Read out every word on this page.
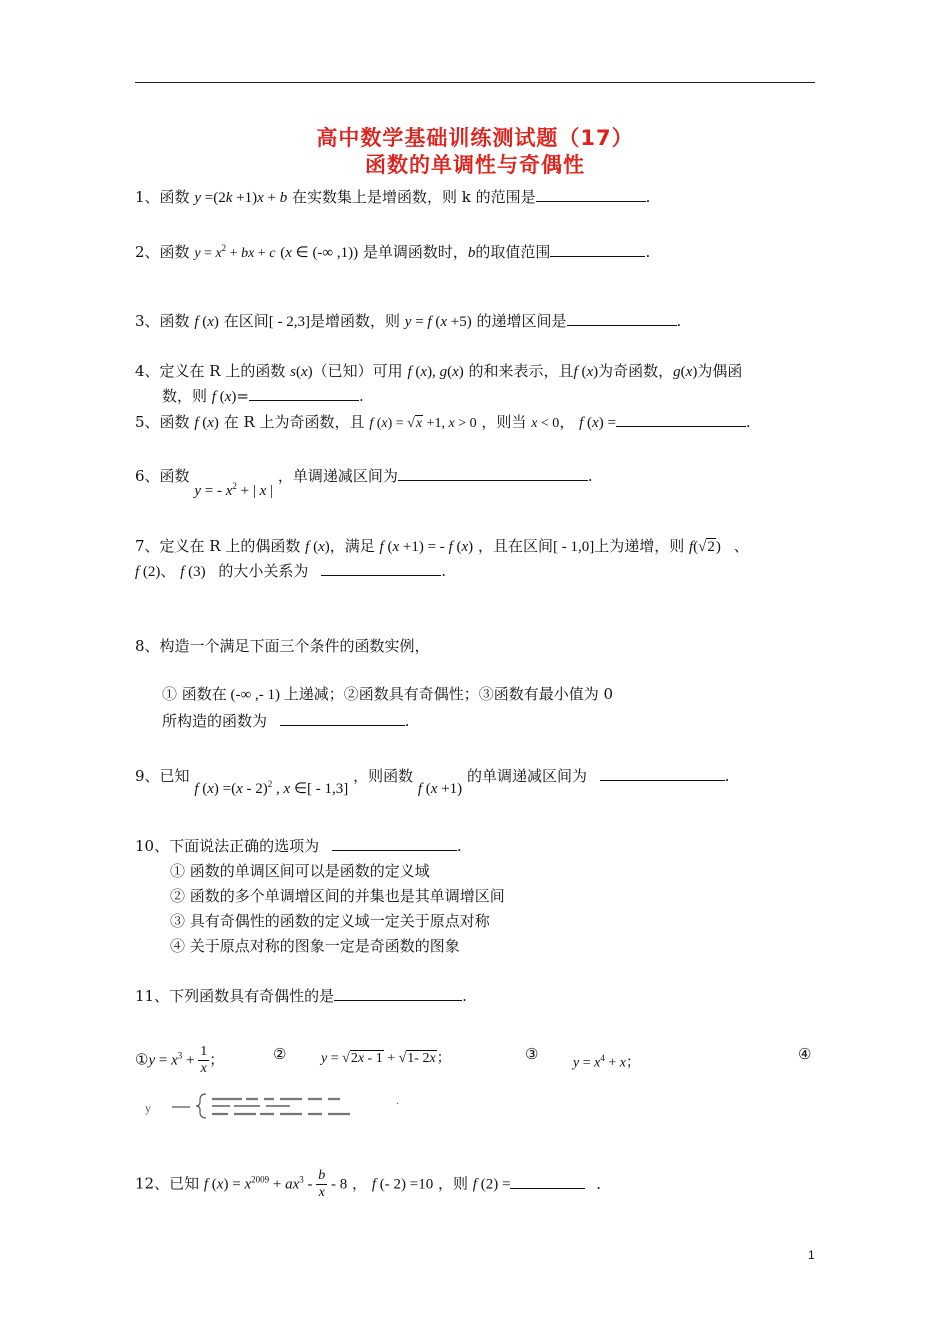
高中数学基础训练测试题（17）
函数的单调性与奇偶性
1、函数 y =(2k +1)x + b 在实数集上是增函数，则 k 的范围是	.
2、函数 $y = x^2$ + bx + c (x ∈ (-∞ ,1)) 是单调函数时，b的取值范围	.
3、函数 f (x) 在区间[ - 2,3]是增函数，则 y = f (x +5) 的递增区间是	.
4、定义在 R 上的函数 s(x)（已知）可用 f (x), g(x) 的和来表示，且f (x)为奇函数，g(x)为偶函
数，则 f (x)=	.
5、函数 f (x) 在 R 上为奇函数，且 f (x) = √x +1, x > 0 ，则当 x < 0， f (x) =	.
6、函数 y = - $x^2$ + | x | ，单调递减区间为	.
7、定义在 R 上的偶函数 f (x)，满足 f (x +1) = - f (x) ，且在区间[ - 1,0]上为递增，则 f(√2) 、
f (2)、 f (3) 的大小关系为	.
8、构造一个满足下面三个条件的函数实例，
① 函数在 (-∞ ,- 1) 上递减；②函数具有奇偶性；③函数有最小值为 0
所构造的函数为	.
9、已知 f (x) =(x - 2)$^2$ , x ∈[ - 1,3] ，则函数 f (x +1) 的单调递减区间为	.
10、下面说法正确的选项为	.
① 函数的单调区间可以是函数的定义域
② 函数的多个单调增区间的并集也是其单调增区间
③ 具有奇偶性的函数的定义域一定关于原点对称
④ 关于原点对称的图象一定是奇函数的图象
11、下列函数具有奇偶性的是	.
①y = $x^3 + \frac{1}{x}$ ；	② y = √2x - 1 + √1- 2x；	③
$y = x^4 + x$；	④
y
.
12、已知 f $(x) = x^{2009} + ax^3 - \frac{b}{x} - 8$ ， f (- 2) =10 ，则 f (2) =	.
1
